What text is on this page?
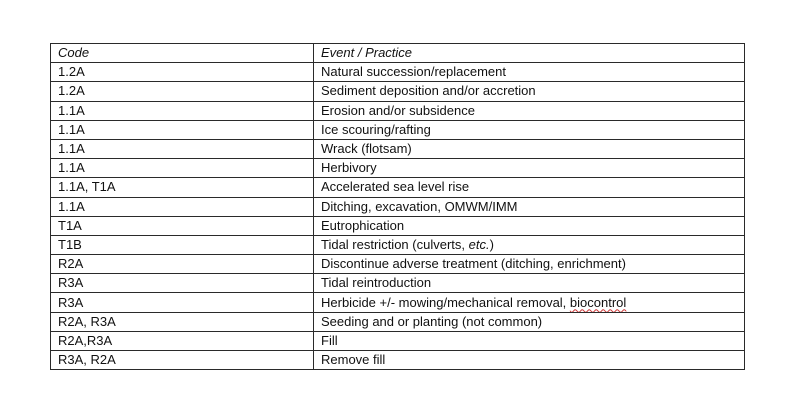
Code	Event / Practice
1.2A	Natural succession/replacement
1.2A	Sediment deposition and/or accretion
1.1A	Erosion and/or subsidence
1.1A	Ice scouring/rafting
1.1A	Wrack (flotsam)
1.1A	Herbivory
1.1A, T1A	Accelerated sea level rise
1.1A	Ditching, excavation, OMWM/IMM
T1A	Eutrophication
T1B	Tidal restriction (culverts, etc.)
R2A	Discontinue adverse treatment (ditching, enrichment)
R3A	Tidal reintroduction
R3A	Herbicide +/- mowing/mechanical removal, biocontrol
R2A, R3A	Seeding and or planting (not common)
R2A,R3A	Fill
R3A, R2A	Remove fill
